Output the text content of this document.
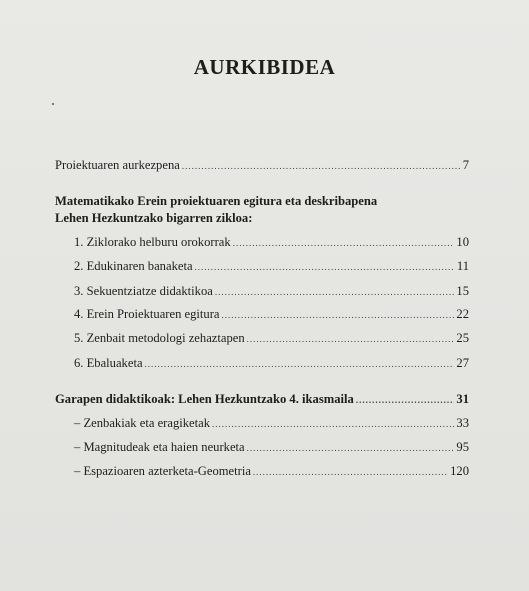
AURKIBIDEA
Proiektuaren aurkezpena .....	7
Matematikako Erein proiektuaren egitura eta deskribapena
Lehen Hezkuntzako bigarren zikloa:
1. Ziklorako helburu orokorrak .....	10
2. Edukinaren banaketa .....	11
3. Sekuentziatze didaktikoa .....	15
4. Erein Proiektuaren egitura .....	22
5. Zenbait metodologi zehaztapen .....	25
6. Ebaluaketa .....	27
Garapen didaktikoak: Lehen Hezkuntzako 4. ikasmaila .....	31
– Zenbakiak eta eragiketak .....	33
– Magnitudeak eta haien neurketa .....	95
– Espazioaren azterketa-Geometria .....	120
